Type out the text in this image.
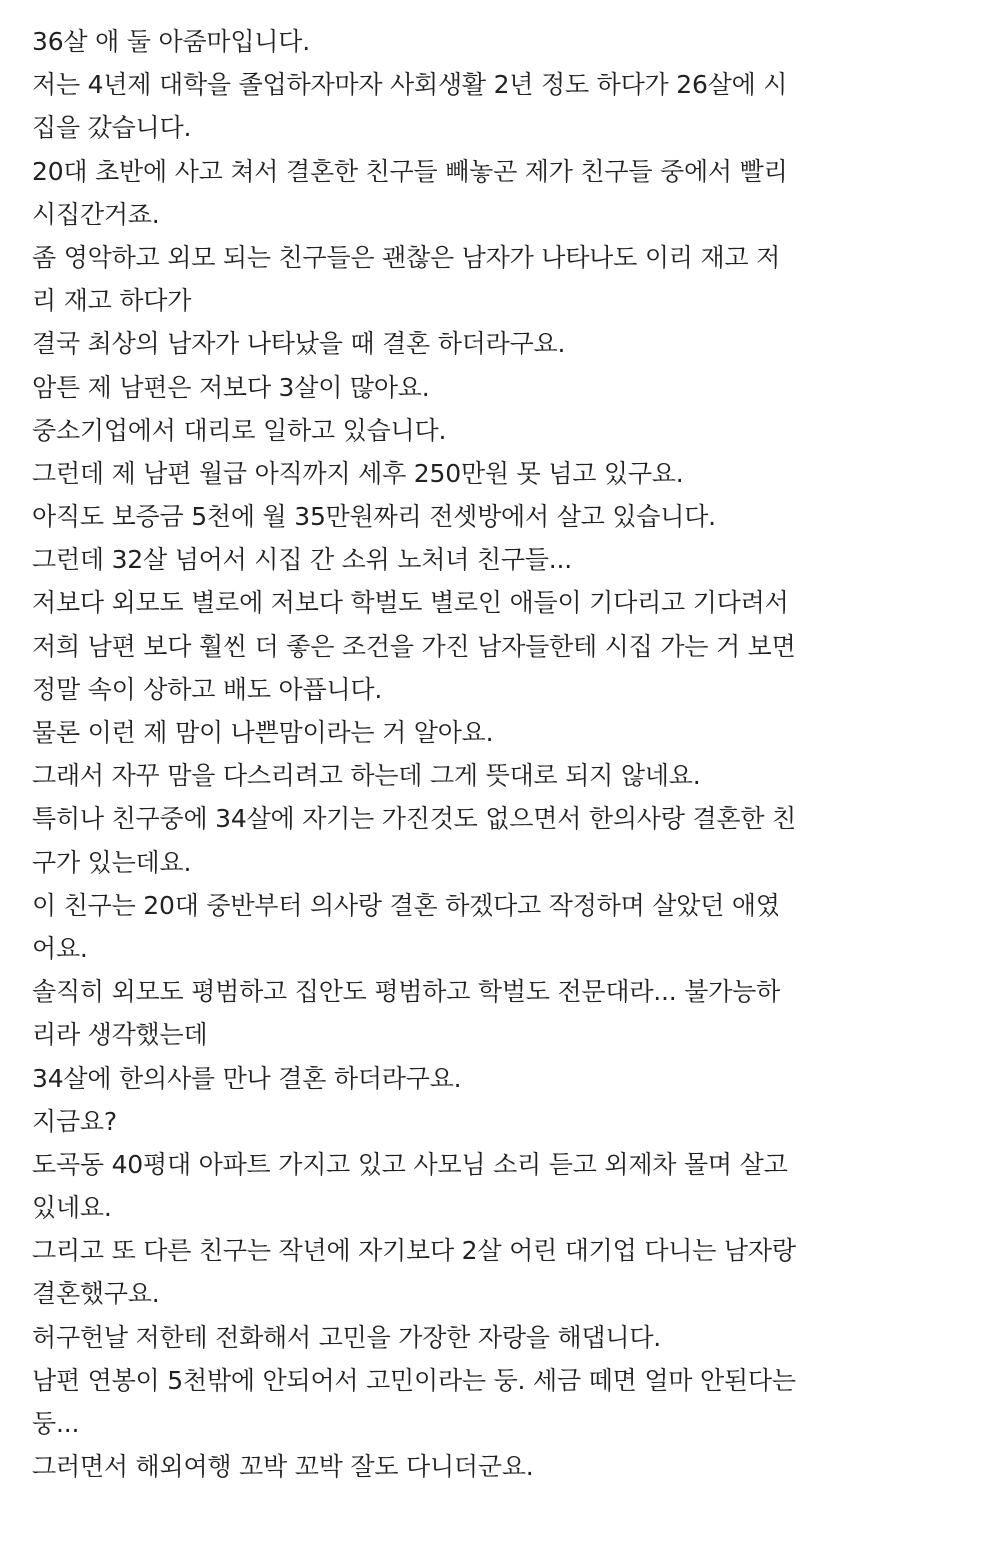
36살 애 둘 아줌마입니다.
저는 4년제 대학을 졸업하자마자 사회생활 2년 정도 하다가 26살에 시
집을 갔습니다.
20대 초반에 사고 쳐서 결혼한 친구들 빼놓곤 제가 친구들 중에서 빨리
시집간거죠.
좀 영악하고 외모 되는 친구들은 괜찮은 남자가 나타나도 이리 재고 저
리 재고 하다가
결국 최상의 남자가 나타났을 때 결혼 하더라구요.
암튼 제 남편은 저보다 3살이 많아요.
중소기업에서 대리로 일하고 있습니다.
그런데 제 남편 월급 아직까지 세후 250만원 못 넘고 있구요.
아직도 보증금 5천에 월 35만원짜리 전셋방에서 살고 있습니다.
그런데 32살 넘어서 시집 간 소위 노처녀 친구들...
저보다 외모도 별로에 저보다 학벌도 별로인 애들이 기다리고 기다려서
저희 남편 보다 훨씬 더 좋은 조건을 가진 남자들한테 시집 가는 거 보면
정말 속이 상하고 배도 아픕니다.
물론 이런 제 맘이 나쁜맘이라는 거 알아요.
그래서 자꾸 맘을 다스리려고 하는데 그게 뜻대로 되지 않네요.
특히나 친구중에 34살에 자기는 가진것도 없으면서 한의사랑 결혼한 친
구가 있는데요.
이 친구는 20대 중반부터 의사랑 결혼 하겠다고 작정하며 살았던 애였
어요.
솔직히 외모도 평범하고 집안도 평범하고 학벌도 전문대라... 불가능하
리라 생각했는데
34살에 한의사를 만나 결혼 하더라구요.
지금요?
도곡동 40평대 아파트 가지고 있고 사모님 소리 듣고 외제차 몰며 살고
있네요.
그리고 또 다른 친구는 작년에 자기보다 2살 어린 대기업 다니는 남자랑
결혼했구요.
허구헌날 저한테 전화해서 고민을 가장한 자랑을 해댑니다.
남편 연봉이 5천밖에 안되어서 고민이라는 둥. 세금 떼면 얼마 안된다는
둥...
그러면서 해외여행 꼬박 꼬박 잘도 다니더군요.
